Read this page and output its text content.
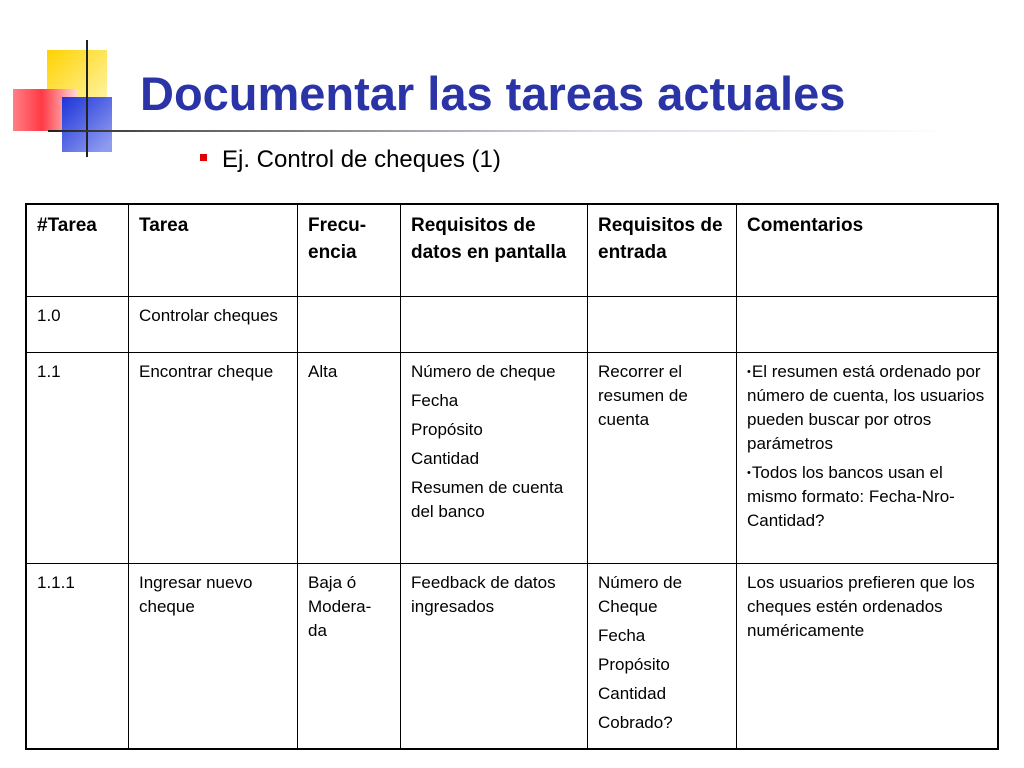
Documentar las tareas actuales
Ej. Control de cheques (1)
#Tarea	Tarea	Frecu-encia	Requisitos de datos en pantalla	Requisitos de entrada	Comentarios
1.0	Controlar cheques				
1.1	Encontrar cheque	Alta	Número de cheque
Fecha
Propósito
Cantidad
Resumen de cuenta del banco	Recorrer el resumen de cuenta	•El resumen está ordenado por número de cuenta, los usuarios pueden buscar por otros parámetros
•Todos los bancos usan el mismo formato: Fecha-Nro-Cantidad?

1.1.1	Ingresar nuevo cheque	Baja ó Modera-da	Feedback de datos ingresados	Número de Cheque
Fecha
Propósito
Cantidad
Cobrado?	Los usuarios prefieren que los cheques estén ordenados numéricamente
